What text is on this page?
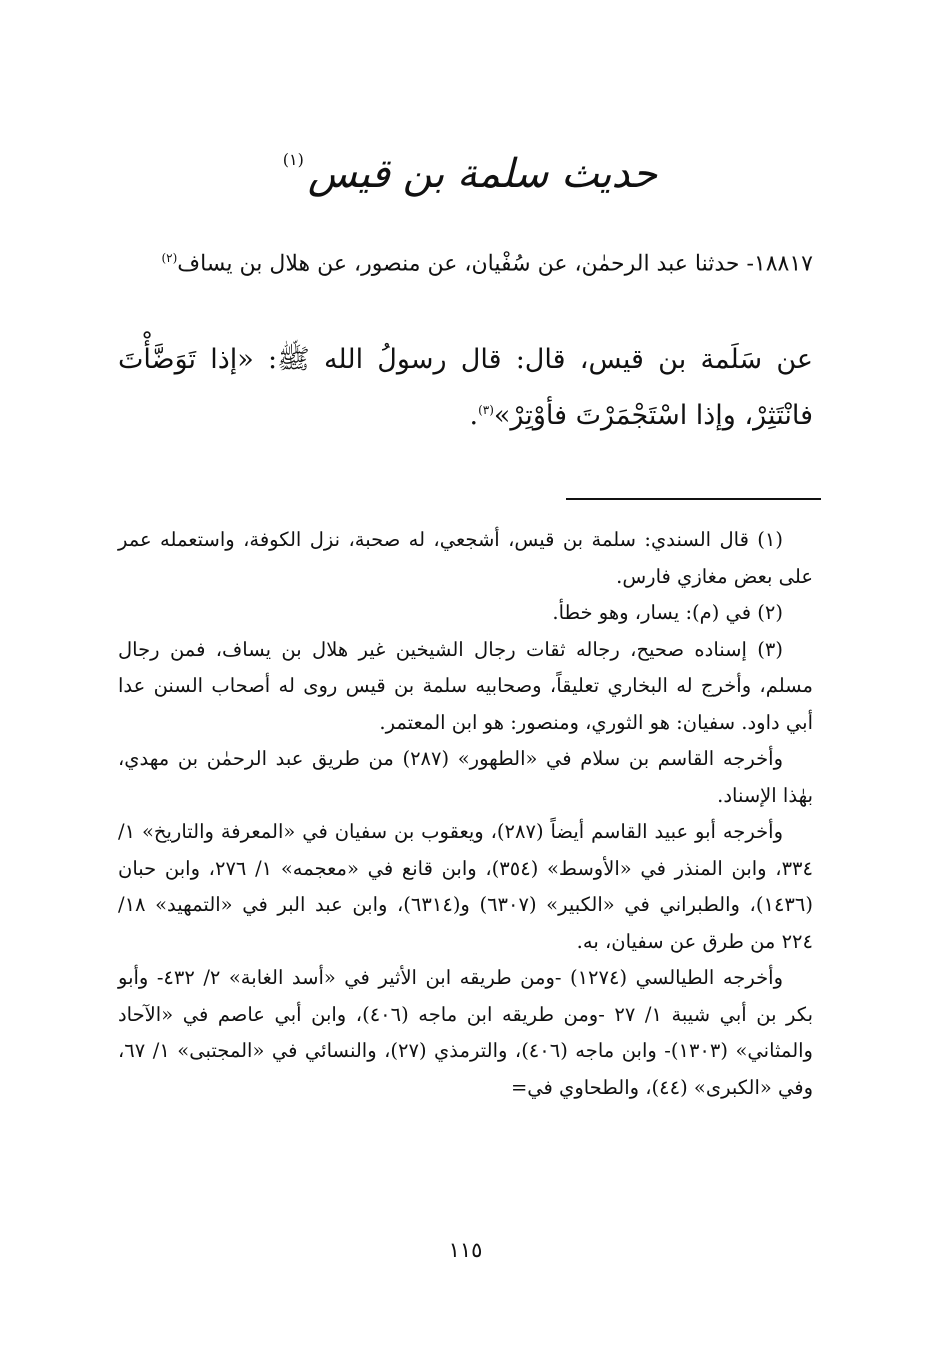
حديث سلمة بن قيس$^{(١)}$
١٨٨١٧- حدثنا عبد الرحمٰن، عن سُفْيان، عن منصور، عن هلال بن يساف$^{(٢)}$
عن سَلَمة بن قيس، قال: قال رسولُ الله ﷺ: «إذا تَوَضَّأْتَ فانْتَثِرْ، وإذا اسْتَجْمَرْتَ فأوْتِرْ»$^{(٣)}$.

(١) قال السندي: سلمة بن قيس، أشجعي، له صحبة، نزل الكوفة، واستعمله عمر على بعض مغازي فارس.

(٢) في (م): يسار، وهو خطأ.

(٣) إسناده صحيح، رجاله ثقات رجال الشيخين غير هلال بن يساف، فمن رجال مسلم، وأخرج له البخاري تعليقاً، وصحابيه سلمة بن قيس روى له أصحاب السنن عدا أبي داود. سفيان: هو الثوري، ومنصور: هو ابن المعتمر.

وأخرجه القاسم بن سلام في «الطهور» (٢٨٧) من طريق عبد الرحمٰن بن مهدي، بهٰذا الإسناد.

وأخرجه أبو عبيد القاسم أيضاً (٢٨٧)، ويعقوب بن سفيان في «المعرفة والتاريخ» ١/ ٣٣٤، وابن المنذر في «الأوسط» (٣٥٤)، وابن قانع في «معجمه» ١/ ٢٧٦، وابن حبان (١٤٣٦)، والطبراني في «الكبير» (٦٣٠٧) و(٦٣١٤)، وابن عبد البر في «التمهيد» ١٨/ ٢٢٤ من طرق عن سفيان، به.

وأخرجه الطيالسي (١٢٧٤) -ومن طريقه ابن الأثير في «أسد الغابة» ٢/ ٤٣٢- وأبو بكر بن أبي شيبة ١/ ٢٧ -ومن طريقه ابن ماجه (٤٠٦)، وابن أبي عاصم في «الآحاد والمثاني» (١٣٠٣)- وابن ماجه (٤٠٦)، والترمذي (٢٧)، والنسائي في «المجتبى» ١/ ٦٧، وفي «الكبرى» (٤٤)، والطحاوي في=

١١٥
